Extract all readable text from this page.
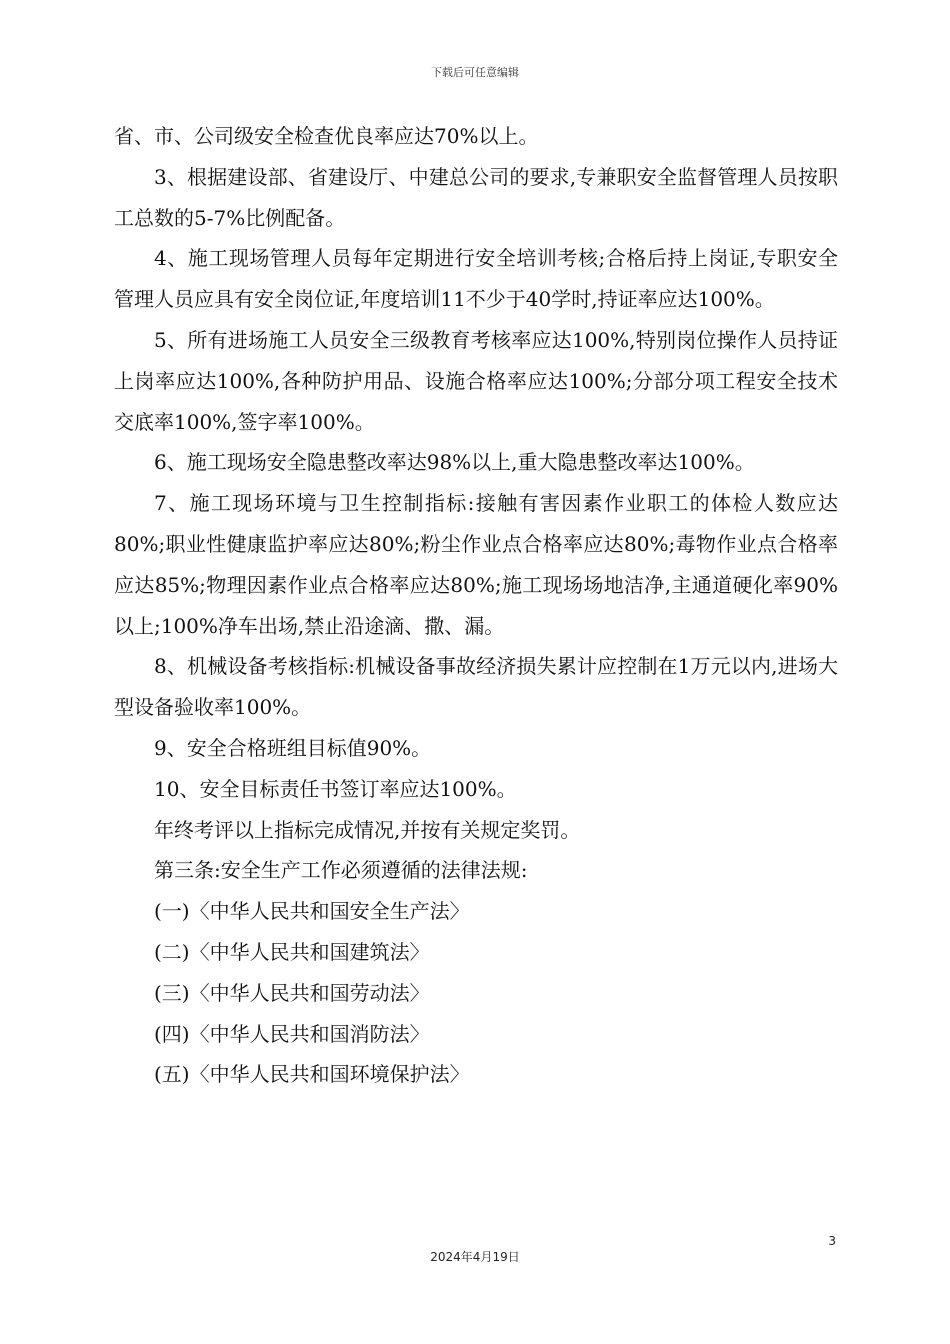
下载后可任意编辑

省、市、公司级安全检查优良率应达70%以上。

3、根据建设部、省建设厅、中建总公司的要求,专兼职安全监督管理人员按职工总数的5-7%比例配备。

4、施工现场管理人员每年定期进行安全培训考核;合格后持上岗证,专职安全管理人员应具有安全岗位证,年度培训11不少于40学时,持证率应达100%。

5、所有进场施工人员安全三级教育考核率应达100%,特别岗位操作人员持证上岗率应达100%,各种防护用品、设施合格率应达100%;分部分项工程安全技术交底率100%,签字率100%。

6、施工现场安全隐患整改率达98%以上,重大隐患整改率达100%。

7、施工现场环境与卫生控制指标:接触有害因素作业职工的体检人数应达80%;职业性健康监护率应达80%;粉尘作业点合格率应达80%;毒物作业点合格率应达85%;物理因素作业点合格率应达80%;施工现场场地洁净,主通道硬化率90%以上;100%净车出场,禁止沿途滴、撒、漏。

8、机械设备考核指标:机械设备事故经济损失累计应控制在1万元以内,进场大型设备验收率100%。

9、安全合格班组目标值90%。

10、安全目标责任书签订率应达100%。

年终考评以上指标完成情况,并按有关规定奖罚。

第三条:安全生产工作必须遵循的法律法规:

(一)〈中华人民共和国安全生产法〉

(二)〈中华人民共和国建筑法〉

(三)〈中华人民共和国劳动法〉

(四)〈中华人民共和国消防法〉

(五)〈中华人民共和国环境保护法〉

3
2024年4月19日
